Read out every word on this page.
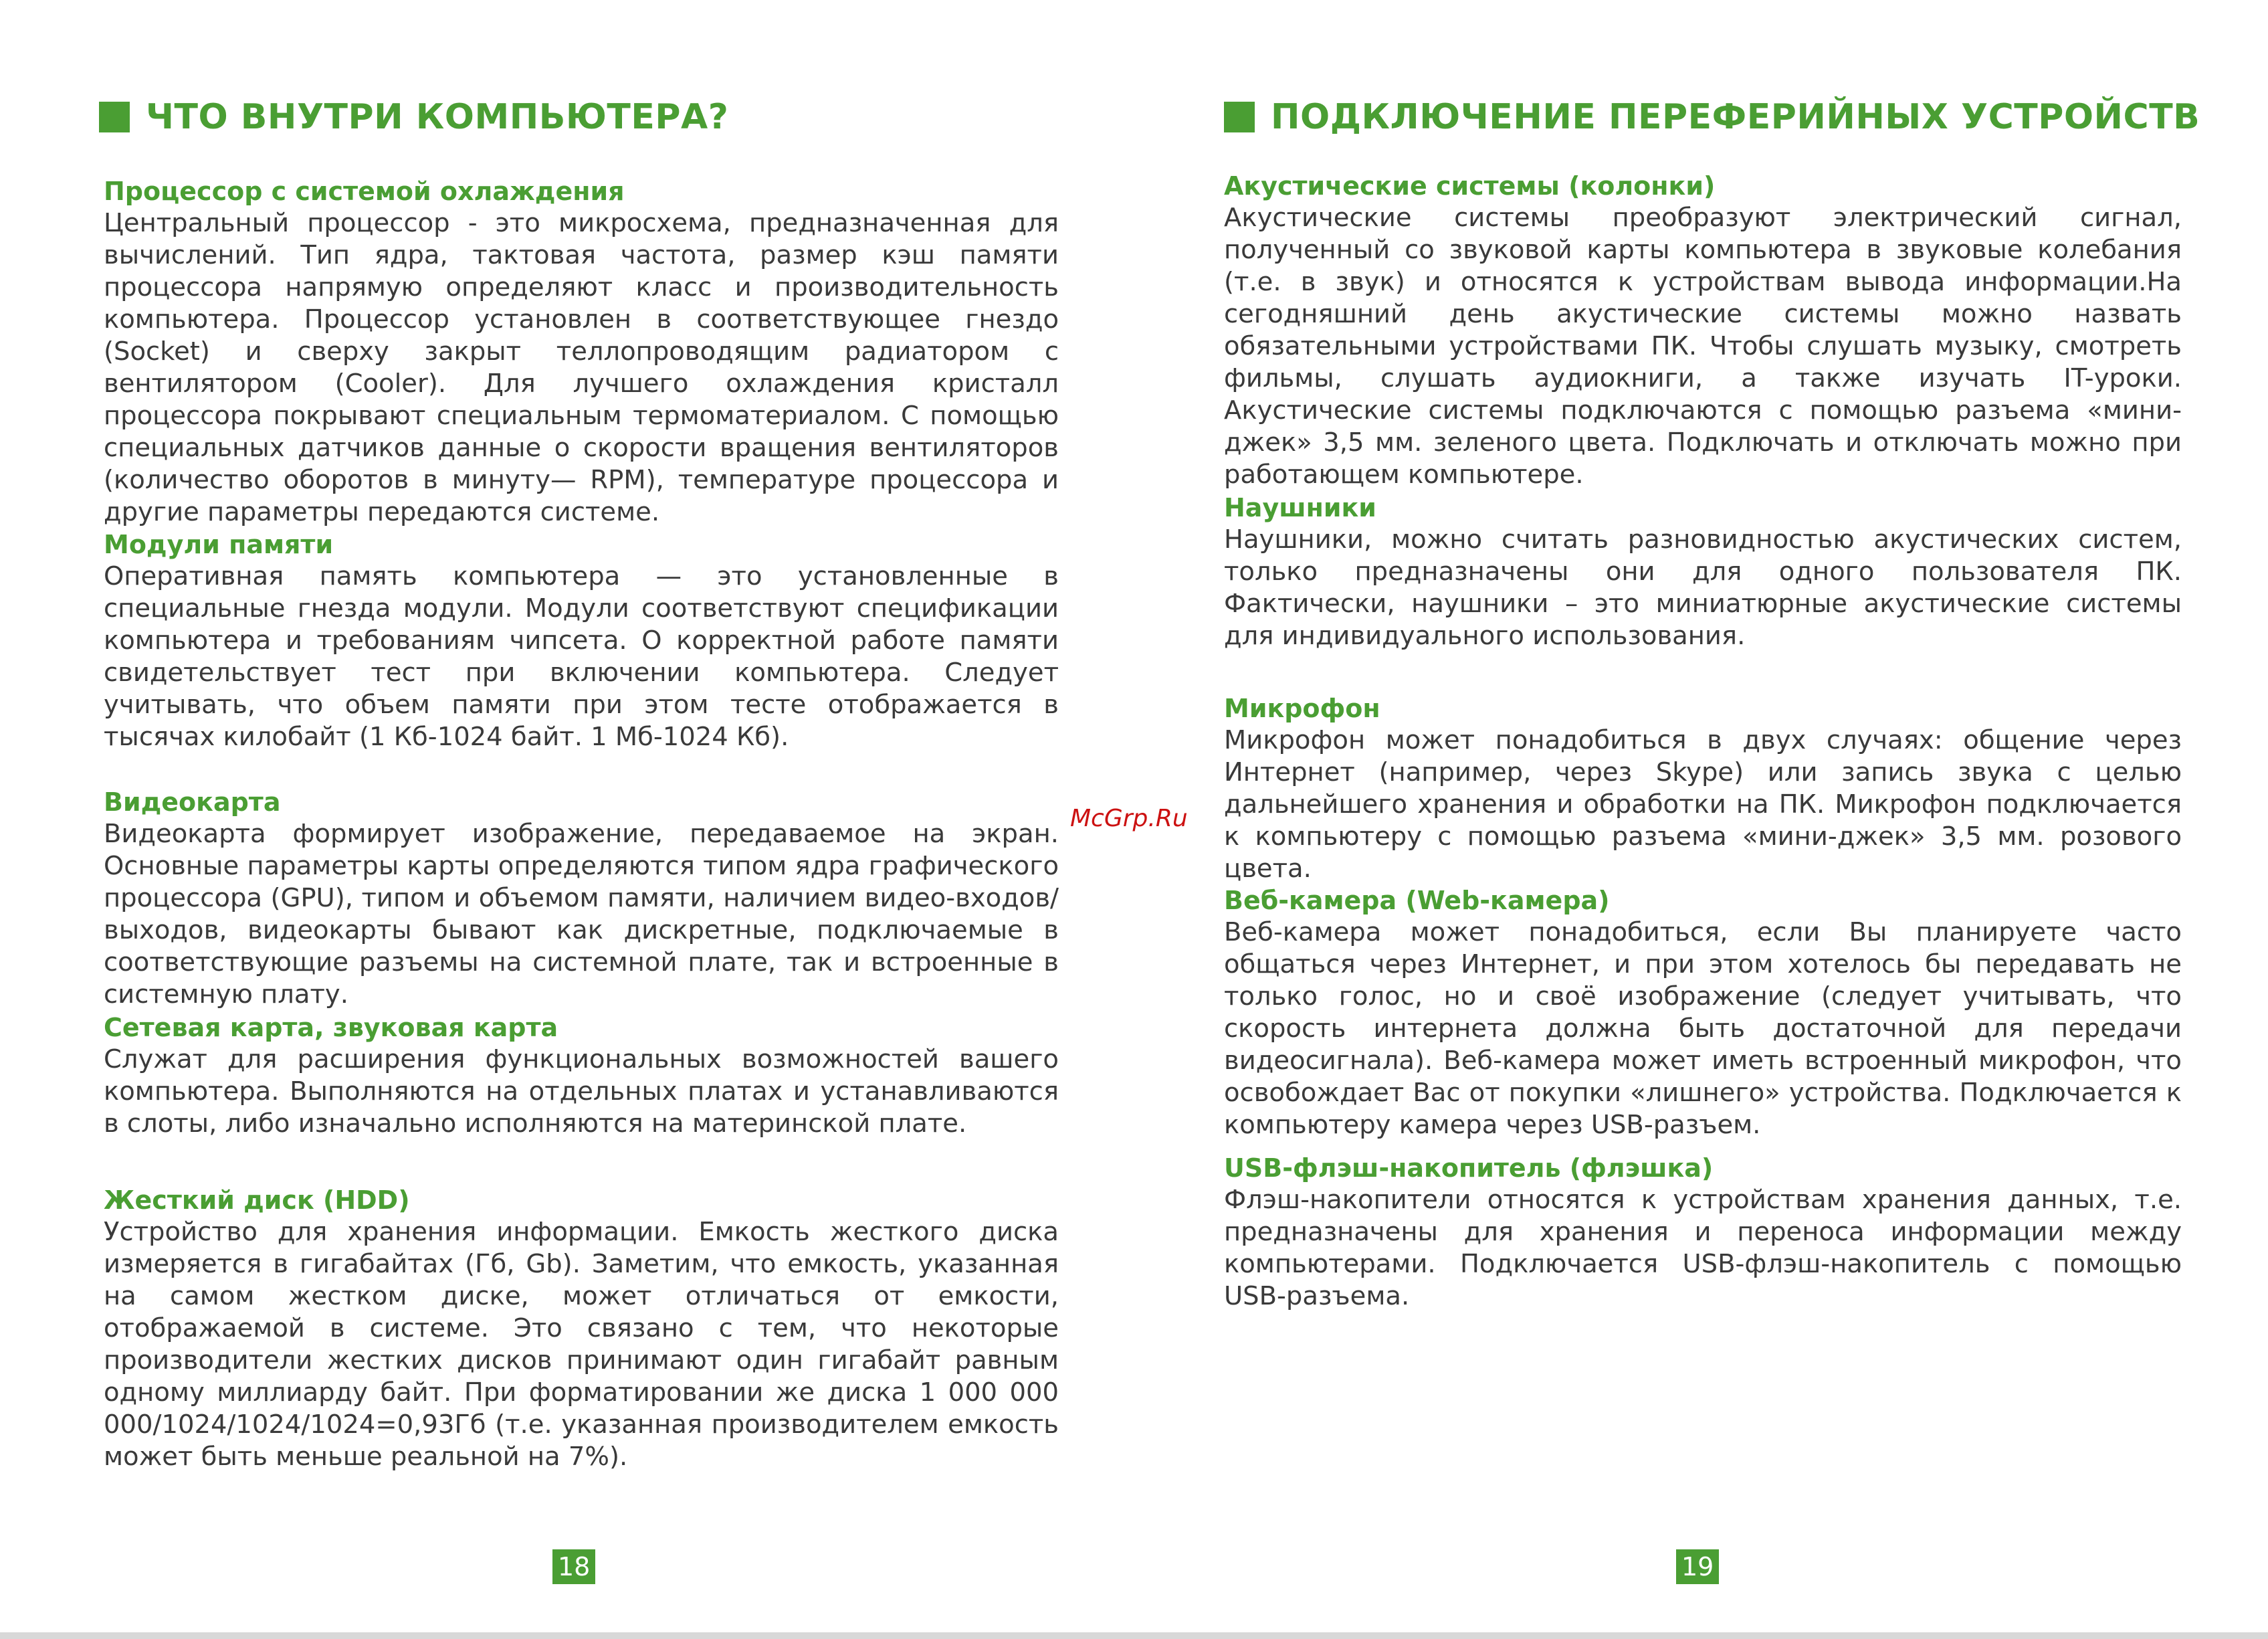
ЧТО ВНУТРИ КОМПЬЮТЕРА?
Процессор с системой охлаждения

Центральный процессор - это микросхема, предназначенная для вычислений. Тип ядра, тактовая частота, размер кэш памяти процессора напрямую определяют класс и производительность компьютера. Процессор установлен в соответствующее гнездо (Socket) и сверху закрыт теллопроводящим радиатором с вентилятором (Cooler). Для лучшего охлаждения кристалл процессора покрывают специальным термоматериалом. С помощью специальных датчиков данные о скорости вращения вентиляторов (количество оборотов в минуту— RPM), температуре процессора и другие параметры передаются системе.

Модули памяти

Оперативная память компьютера — это установленные в специальные гнезда модули. Модули соответствуют спецификации компьютера и требованиям чипсета. О корректной работе памяти свидетельствует тест при включении компьютера. Следует учитывать, что объем памяти при этом тесте отображается в тысячах килобайт (1 Кб-1024 байт. 1 Мб-1024 Кб).

Видеокарта

Видеокарта формирует изображение, передаваемое на экран. Основные параметры карты определяются типом ядра графического процессора (GPU), типом и объемом памяти, наличием видео-входов/выходов, видеокарты бывают как дискретные, подключаемые в соответствующие разъемы на системной плате, так и встроенные в системную плату.

Сетевая карта, звуковая карта

Служат для расширения функциональных возможностей вашего компьютера. Выполняются на отдельных платах и устанавливаются в слоты, либо изначально исполняются на материнской плате.

Жесткий диск (HDD)

Устройство для хранения информации. Емкость жесткого диска измеряется в гигабайтах (Гб, Gb). Заметим, что емкость, указанная на самом жестком диске, может отличаться от емкости, отображаемой в системе. Это связано с тем, что некоторые производители жестких дисков принимают один гигабайт равным одному миллиарду байт. При форматировании же диска 1 000 000 000/1024/1024/1024=0,93Гб (т.е. указанная производителем емкость может быть меньше реальной на 7%).

18
ПОДКЛЮЧЕНИЕ ПЕРЕФЕРИЙНЫХ УСТРОЙСТВ
Акустические системы (колонки)

Акустические системы преобразуют электрический сигнал, полученный со звуковой карты компьютера в звуковые колебания (т.е. в звук) и относятся к устройствам вывода информации.На сегодняшний день акустические системы можно назвать обязательными устройствами ПК. Чтобы слушать музыку, смотреть фильмы, слушать аудиокниги, а также изучать IT-уроки. Акустические системы подключаются с помощью разъема «мини-джек» 3,5 мм. зеленого цвета. Подключать и отключать можно при работающем компьютере.

Наушники

Наушники, можно считать разновидностью акустических систем, только предназначены они для одного пользователя ПК. Фактически, наушники – это миниатюрные акустические системы для индивидуального использования.

Микрофон

Микрофон может понадобиться в двух случаях: общение через Интернет (например, через Skype) или запись звука с целью дальнейшего хранения и обработки на ПК. Микрофон подключается к компьютеру с помощью разъема «мини-джек» 3,5 мм. розового цвета.

Веб-камера (Web-камера)

Веб-камера может понадобиться, если Вы планируете часто общаться через Интернет, и при этом хотелось бы передавать не только голос, но и своё изображение (следует учитывать, что скорость интернета должна быть достаточной для передачи видеосигнала). Веб-камера может иметь встроенный микрофон, что освобождает Вас от покупки «лишнего» устройства. Подключается к компьютеру камера через USB-разъем.

USB-флэш-накопитель (флэшка)

Флэш-накопители относятся к устройствам хранения данных, т.е. предназначены для хранения и переноса информации между компьютерами. Подключается USB-флэш-накопитель с помощью USB-разъема.

19
McGrp.Ru
